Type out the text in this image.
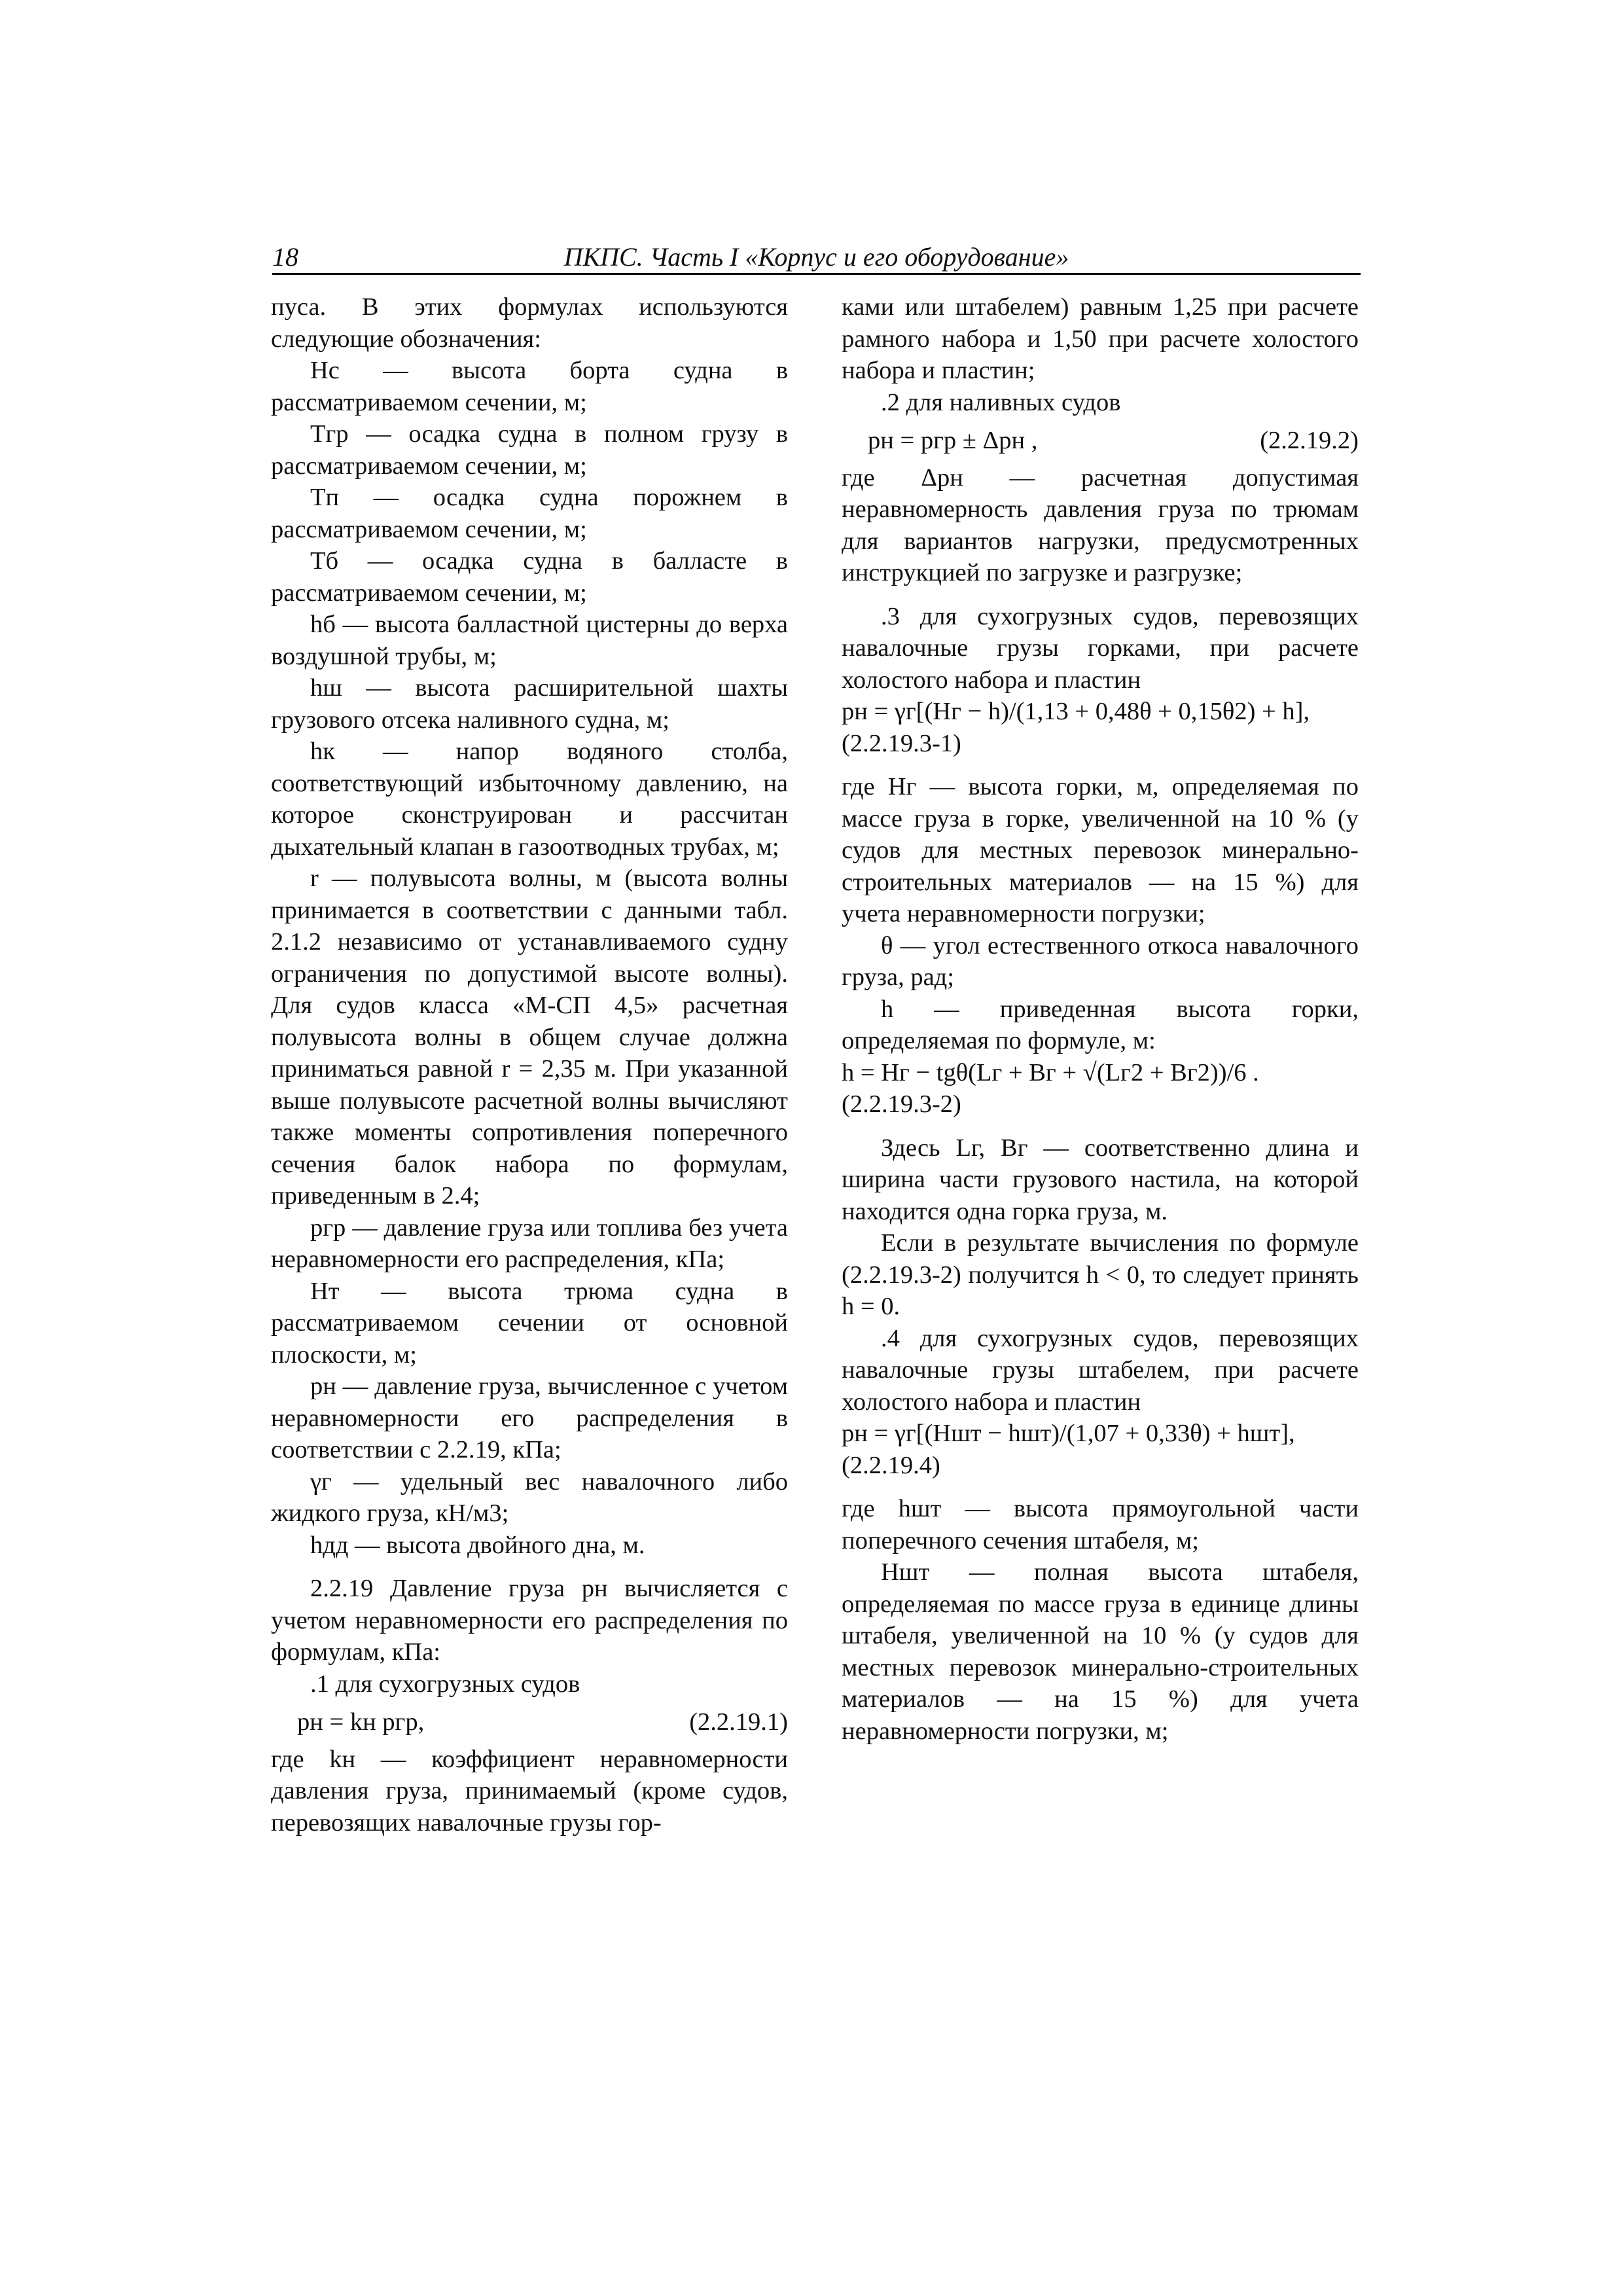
18	ПКПС. Часть I «Корпус и его оборудование»

пуса. В этих формулах используются следующие обозначения:

Hс — высота борта судна в рассматриваемом сечении, м;

Tгр — осадка судна в полном грузу в рассматриваемом сечении, м;

Tп — осадка судна порожнем в рассматриваемом сечении, м;

Tб — осадка судна в балласте в рассматриваемом сечении, м;

hб — высота балластной цистерны до верха воздушной трубы, м;

hш — высота расширительной шахты грузового отсека наливного судна, м;

hк — напор водяного столба, соответствующий избыточному давлению, на которое сконструирован и рассчитан дыхательный клапан в газоотводных трубах, м;

r — полувысота волны, м (высота волны принимается в соответствии с данными табл. 2.1.2 независимо от устанавливаемого судну ограничения по допустимой высоте волны). Для судов класса «М-СП 4,5» расчетная полувысота волны в общем случае должна приниматься равной r = 2,35 м. При указанной выше полувысоте расчетной волны вычисляют также моменты сопротивления поперечного сечения балок набора по формулам, приведенным в 2.4;

pгр — давление груза или топлива без учета неравномерности его распределения, кПа;

Hт — высота трюма судна в рассматриваемом сечении от основной плоскости, м;

pн — давление груза, вычисленное с учетом неравномерности его распределения в соответствии с 2.2.19, кПа;

γг — удельный вес навалочного либо жидкого груза, кН/м3;

hдд — высота двойного дна, м.

2.2.19 Давление груза pн вычисляется с учетом неравномерности его распределения по формулам, кПа:

.1 для сухогрузных судов

pн = kн pгр,	(2.2.19.1)

где kн — коэффициент неравномерности давления груза, принимаемый (кроме судов, перевозящих навалочные грузы гор-

ками или штабелем) равным 1,25 при расчете рамного набора и 1,50 при расчете холостого набора и пластин;

.2 для наливных судов

pн = pгр ± Δpн ,	(2.2.19.2)

где Δpн — расчетная допустимая неравномерность давления груза по трюмам для вариантов нагрузки, предусмотренных инструкцией по загрузке и разгрузке;

.3 для сухогрузных судов, перевозящих навалочные грузы горками, при расчете холостого набора и пластин

pн = γг[(Hг − h)/(1,13 + 0,48θ + 0,15θ2) + h],

(2.2.19.3-1)

где Hг — высота горки, м, определяемая по массе груза в горке, увеличенной на 10 % (у судов для местных перевозок минерально-строительных материалов — на 15 %) для учета неравномерности погрузки;

θ — угол естественного откоса навалочного груза, рад;

h — приведенная высота горки, определяемая по формуле, м:

h = Hг − tgθ(Lг + Bг + √(Lг2 + Bг2))/6 .

(2.2.19.3-2)

Здесь Lг, Bг — соответственно длина и ширина части грузового настила, на которой находится одна горка груза, м.

Если в результате вычисления по формуле (2.2.19.3-2) получится h < 0, то следует принять h = 0.

.4 для сухогрузных судов, перевозящих навалочные грузы штабелем, при расчете холостого набора и пластин

pн = γг[(Hшт − hшт)/(1,07 + 0,33θ) + hшт],

(2.2.19.4)

где hшт — высота прямоугольной части поперечного сечения штабеля, м;

Hшт — полная высота штабеля, определяемая по массе груза в единице длины штабеля, увеличенной на 10 % (у судов для местных перевозок минерально-строительных материалов — на 15 %) для учета неравномерности погрузки, м;
